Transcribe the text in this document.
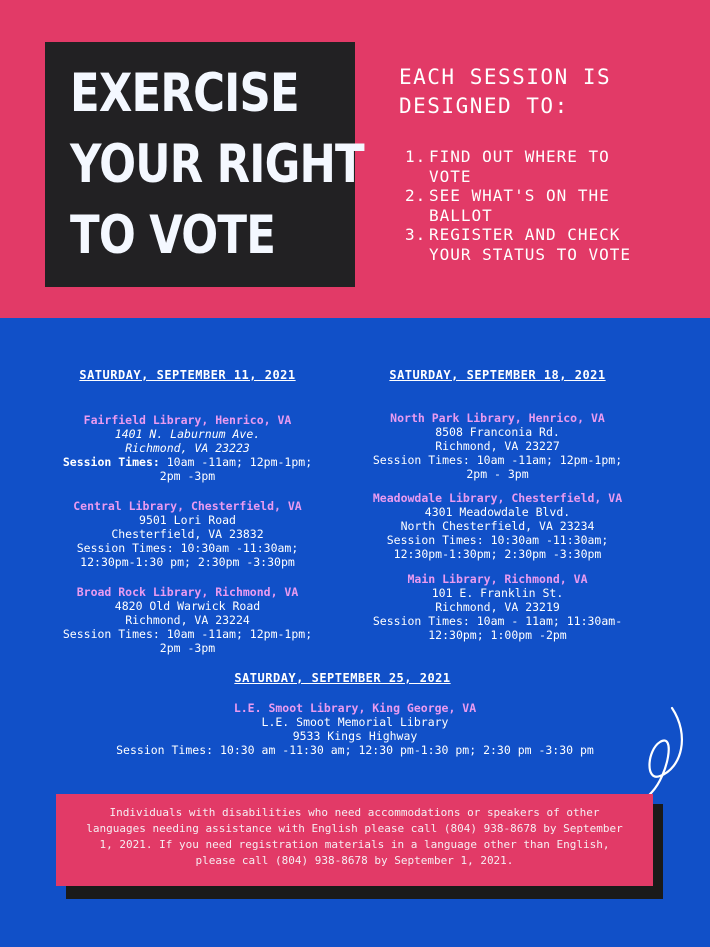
EXERCISE
YOUR RIGHT
TO VOTE
EACH SESSION IS
DESIGNED TO:
1. FIND OUT WHERE TO
VOTE
2. SEE WHAT'S ON THE
BALLOT
3. REGISTER AND CHECK
YOUR STATUS TO VOTE
SATURDAY, SEPTEMBER 11, 2021
Fairfield Library, Henrico, VA
1401 N. Laburnum Ave.
Richmond, VA 23223
Session Times: 10am -11am; 12pm-1pm;
2pm -3pm
Central Library, Chesterfield, VA
9501 Lori Road
Chesterfield, VA 23832
Session Times: 10:30am -11:30am;
12:30pm-1:30 pm; 2:30pm -3:30pm
Broad Rock Library, Richmond, VA
4820 Old Warwick Road
Richmond, VA 23224
Session Times: 10am -11am; 12pm-1pm;
2pm -3pm
SATURDAY, SEPTEMBER 18, 2021
North Park Library, Henrico, VA
8508 Franconia Rd.
Richmond, VA 23227
Session Times: 10am -11am; 12pm-1pm;
2pm - 3pm
Meadowdale Library, Chesterfield, VA
4301 Meadowdale Blvd.
North Chesterfield, VA 23234
Session Times: 10:30am -11:30am;
12:30pm-1:30pm; 2:30pm -3:30pm
Main Library, Richmond, VA
101 E. Franklin St.
Richmond, VA 23219
Session Times: 10am - 11am; 11:30am-
12:30pm; 1:00pm -2pm
SATURDAY, SEPTEMBER 25, 2021
L.E. Smoot Library, King George, VA
L.E. Smoot Memorial Library
9533 Kings Highway
Session Times: 10:30 am -11:30 am; 12:30 pm-1:30 pm; 2:30 pm -3:30 pm
Individuals with disabilities who need accommodations or speakers of other
languages needing assistance with English please call (804) 938-8678 by September
1, 2021. If you need registration materials in a language other than English,
please call (804) 938-8678 by September 1, 2021.
